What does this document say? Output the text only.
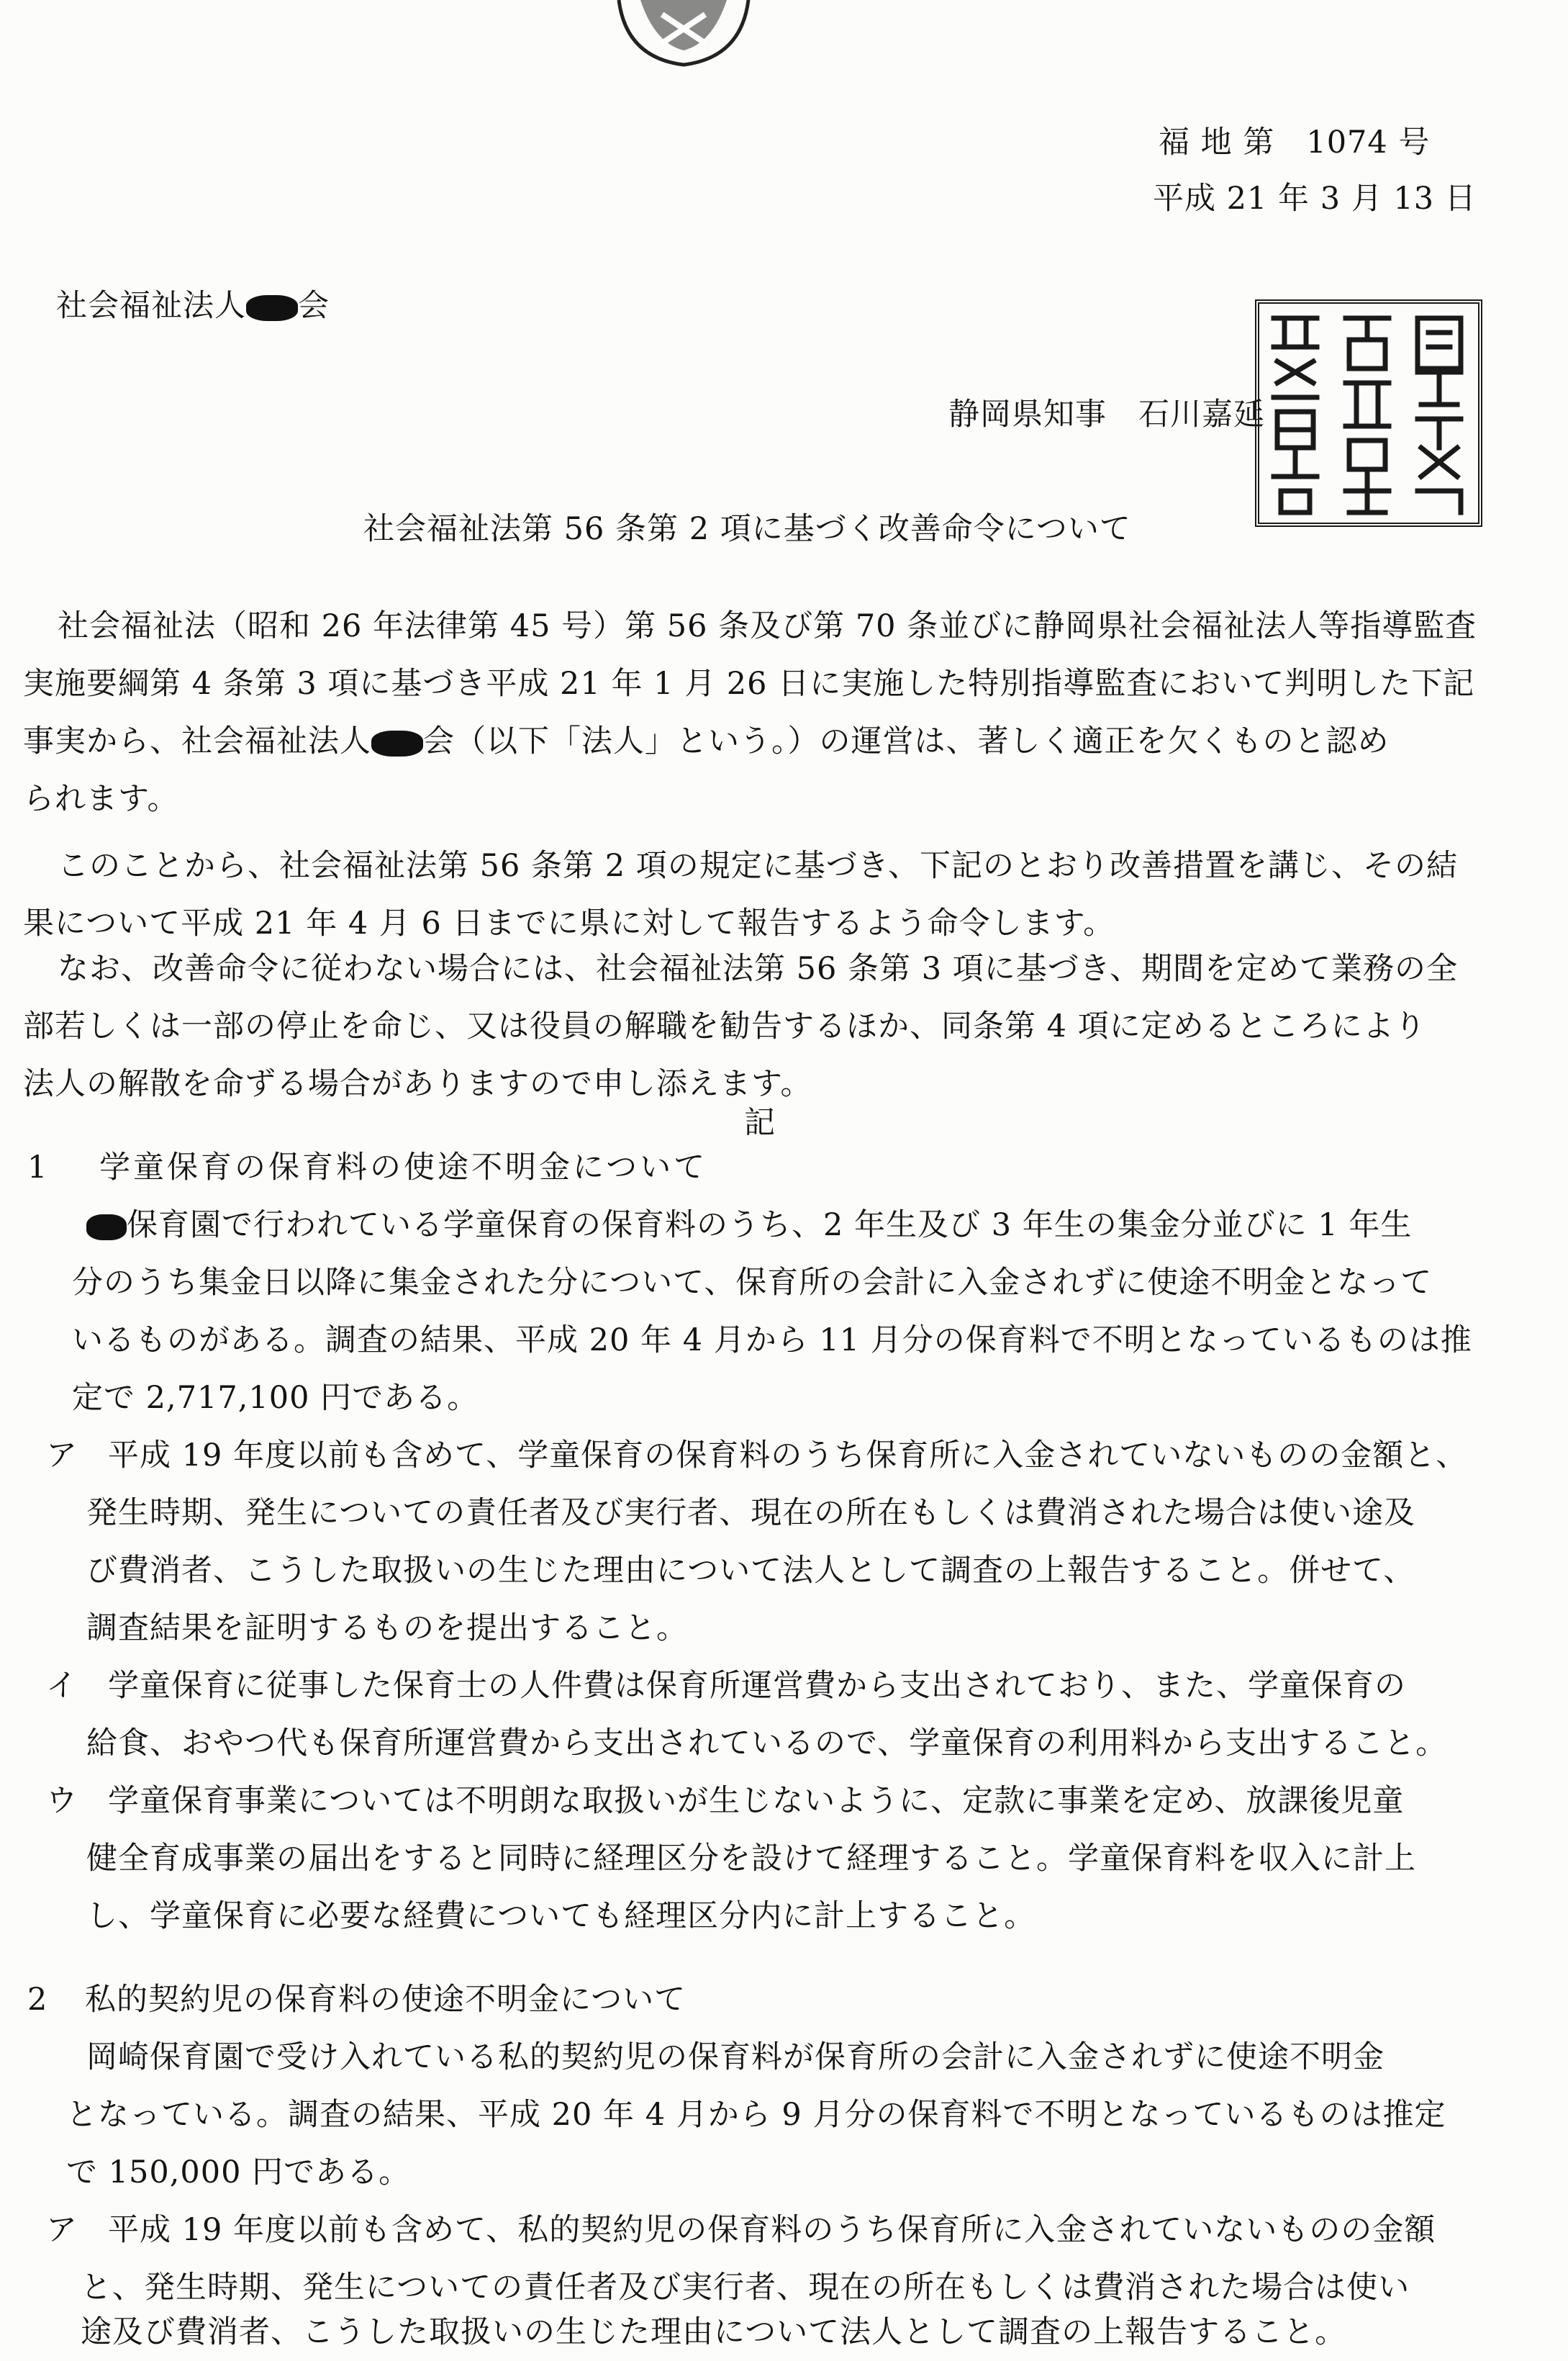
福 地 第　1074 号
平成 21 年 3 月 13 日
社会福祉法人 会
静岡県知事　石川嘉延
社会福祉法第 56 条第 2 項に基づく改善命令について
社会福祉法（昭和 26 年法律第 45 号）第 56 条及び第 70 条並びに静岡県社会福祉法人等指導監査
実施要綱第 4 条第 3 項に基づき平成 21 年 1 月 26 日に実施した特別指導監査において判明した下記
事実から、社会福祉法人 会（以下「法人」という。）の運営は、著しく適正を欠くものと認め
られます。
このことから、社会福祉法第 56 条第 2 項の規定に基づき、下記のとおり改善措置を講じ、その結
果について平成 21 年 4 月 6 日までに県に対して報告するよう命令します。
なお、改善命令に従わない場合には、社会福祉法第 56 条第 3 項に基づき、期間を定めて業務の全
部若しくは一部の停止を命じ、又は役員の解職を勧告するほか、同条第 4 項に定めるところにより
法人の解散を命ずる場合がありますので申し添えます。
記
1 学童保育の保育料の使途不明金について
保育園で行われている学童保育の保育料のうち、2 年生及び 3 年生の集金分並びに 1 年生
分のうち集金日以降に集金された分について、保育所の会計に入金されずに使途不明金となって
いるものがある。調査の結果、平成 20 年 4 月から 11 月分の保育料で不明となっているものは推
定で 2,717,100 円である。
ア 平成 19 年度以前も含めて、学童保育の保育料のうち保育所に入金されていないものの金額と、
発生時期、発生についての責任者及び実行者、現在の所在もしくは費消された場合は使い途及
び費消者、こうした取扱いの生じた理由について法人として調査の上報告すること。併せて、
調査結果を証明するものを提出すること。
イ 学童保育に従事した保育士の人件費は保育所運営費から支出されており、また、学童保育の
給食、おやつ代も保育所運営費から支出されているので、学童保育の利用料から支出すること。
ウ 学童保育事業については不明朗な取扱いが生じないように、定款に事業を定め、放課後児童
健全育成事業の届出をすると同時に経理区分を設けて経理すること。学童保育料を収入に計上
し、学童保育に必要な経費についても経理区分内に計上すること。
2 私的契約児の保育料の使途不明金について
岡崎保育園で受け入れている私的契約児の保育料が保育所の会計に入金されずに使途不明金
となっている。調査の結果、平成 20 年 4 月から 9 月分の保育料で不明となっているものは推定
で 150,000 円である。
ア 平成 19 年度以前も含めて、私的契約児の保育料のうち保育所に入金されていないものの金額
と、発生時期、発生についての責任者及び実行者、現在の所在もしくは費消された場合は使い
途及び費消者、こうした取扱いの生じた理由について法人として調査の上報告すること。
